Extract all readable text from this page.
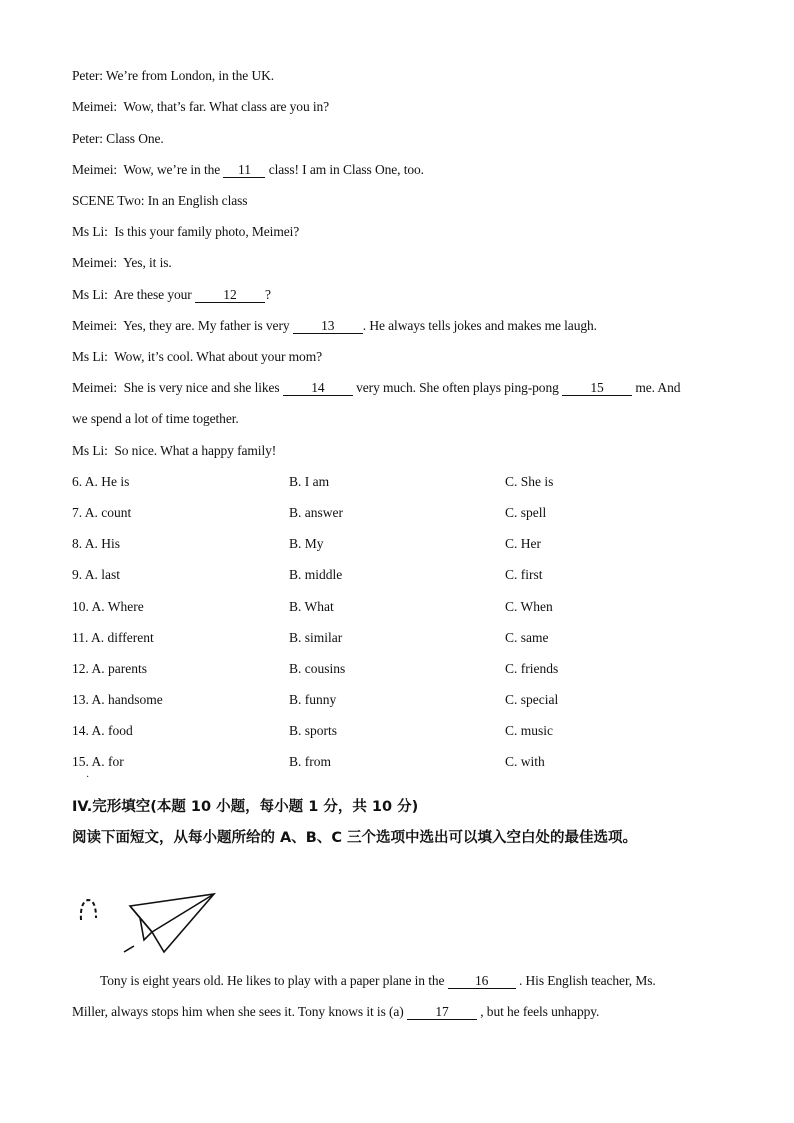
Peter: We’re from London, in the UK.
Meimei: Wow, that’s far. What class are you in?
Peter: Class One.
Meimei: Wow, we’re in the 11 class! I am in Class One, too.
SCENE Two: In an English class
Ms Li: Is this your family photo, Meimei?
Meimei: Yes, it is.
Ms Li: Are these your 12 ?
Meimei: Yes, they are. My father is very 13 . He always tells jokes and makes me laugh.
Ms Li: Wow, it’s cool. What about your mom?
Meimei: She is very nice and she likes 14 very much. She often plays ping-pong 15 me. And
we spend a lot of time together.
Ms Li: So nice. What a happy family!
6. A. He is	B. I am	C. She is
7. A. count	B. answer	C. spell
8. A. His	B. My	C. Her
9. A. last	B. middle	C. first
10. A. Where	B. What	C. When
11. A. different	B. similar	C. same
12. A. parents	B. cousins	C. friends
13. A. handsome	B. funny	C. special
14. A. food	B. sports	C. music
15. A. for	B. from	C. with
·
IV.完形填空(本题 10 小题，每小题 1 分，共 10 分)
阅读下面短文，从每小题所给的 A、B、C 三个选项中选出可以填入空白处的最佳选项。
Tony is eight years old. He likes to play with a paper plane in the 16 . His English teacher, Ms.
Miller, always stops him when she sees it. Tony knows it is (a) 17 , but he feels unhappy.
